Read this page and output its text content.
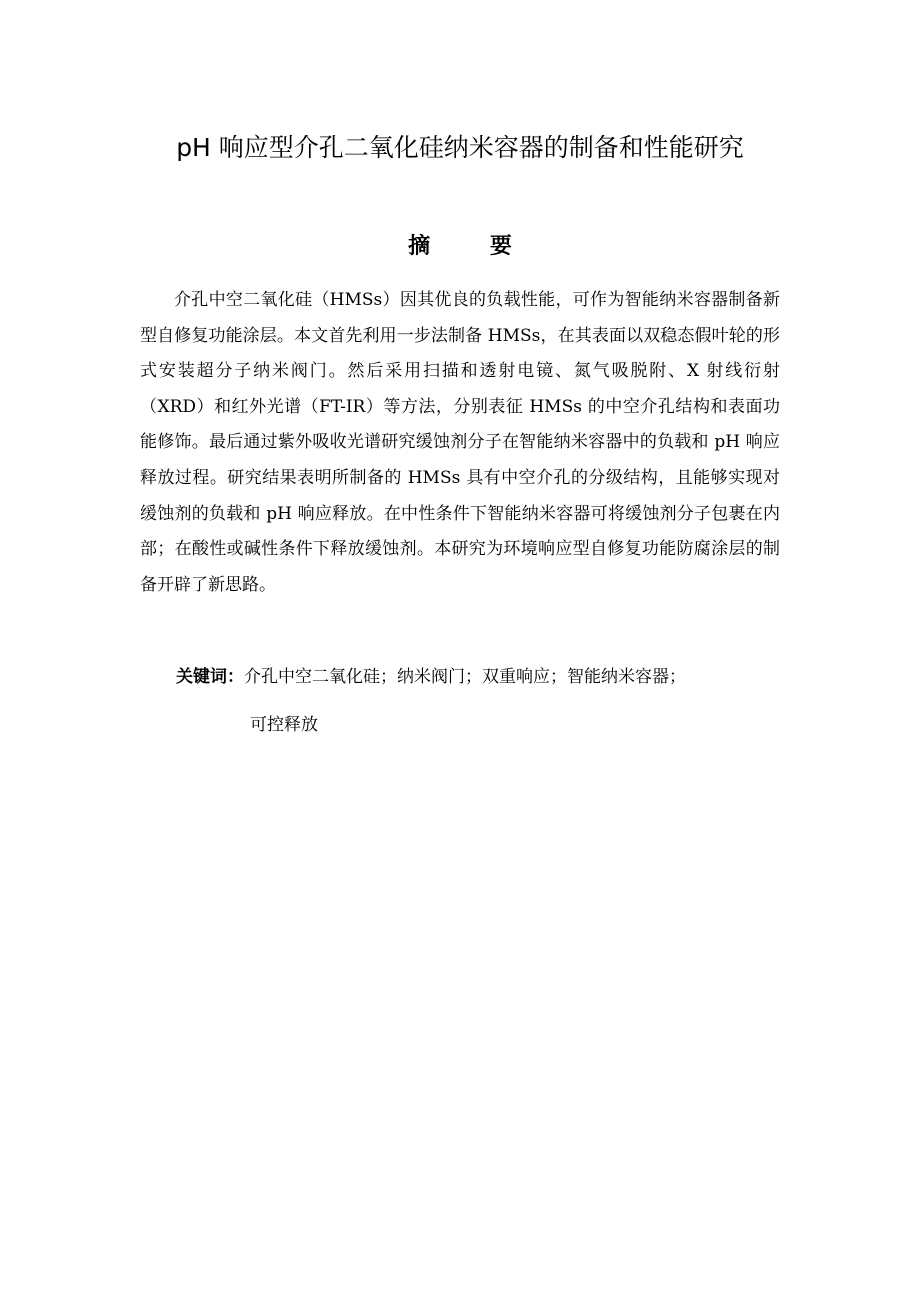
pH 响应型介孔二氧化硅纳米容器的制备和性能研究
摘 要

介孔中空二氧化硅（HMSs）因其优良的负载性能，可作为智能纳米容器制备新型自修复功能涂层。本文首先利用一步法制备 HMSs，在其表面以双稳态假叶轮的形式安装超分子纳米阀门。然后采用扫描和透射电镜、氮气吸脱附、X 射线衍射（XRD）和红外光谱（FT-IR）等方法，分别表征 HMSs 的中空介孔结构和表面功能修饰。最后通过紫外吸收光谱研究缓蚀剂分子在智能纳米容器中的负载和 pH 响应释放过程。研究结果表明所制备的 HMSs 具有中空介孔的分级结构，且能够实现对缓蚀剂的负载和 pH 响应释放。在中性条件下智能纳米容器可将缓蚀剂分子包裹在内部；在酸性或碱性条件下释放缓蚀剂。本研究为环境响应型自修复功能防腐涂层的制备开辟了新思路。

关键词：介孔中空二氧化硅；纳米阀门；双重响应；智能纳米容器；
可控释放
